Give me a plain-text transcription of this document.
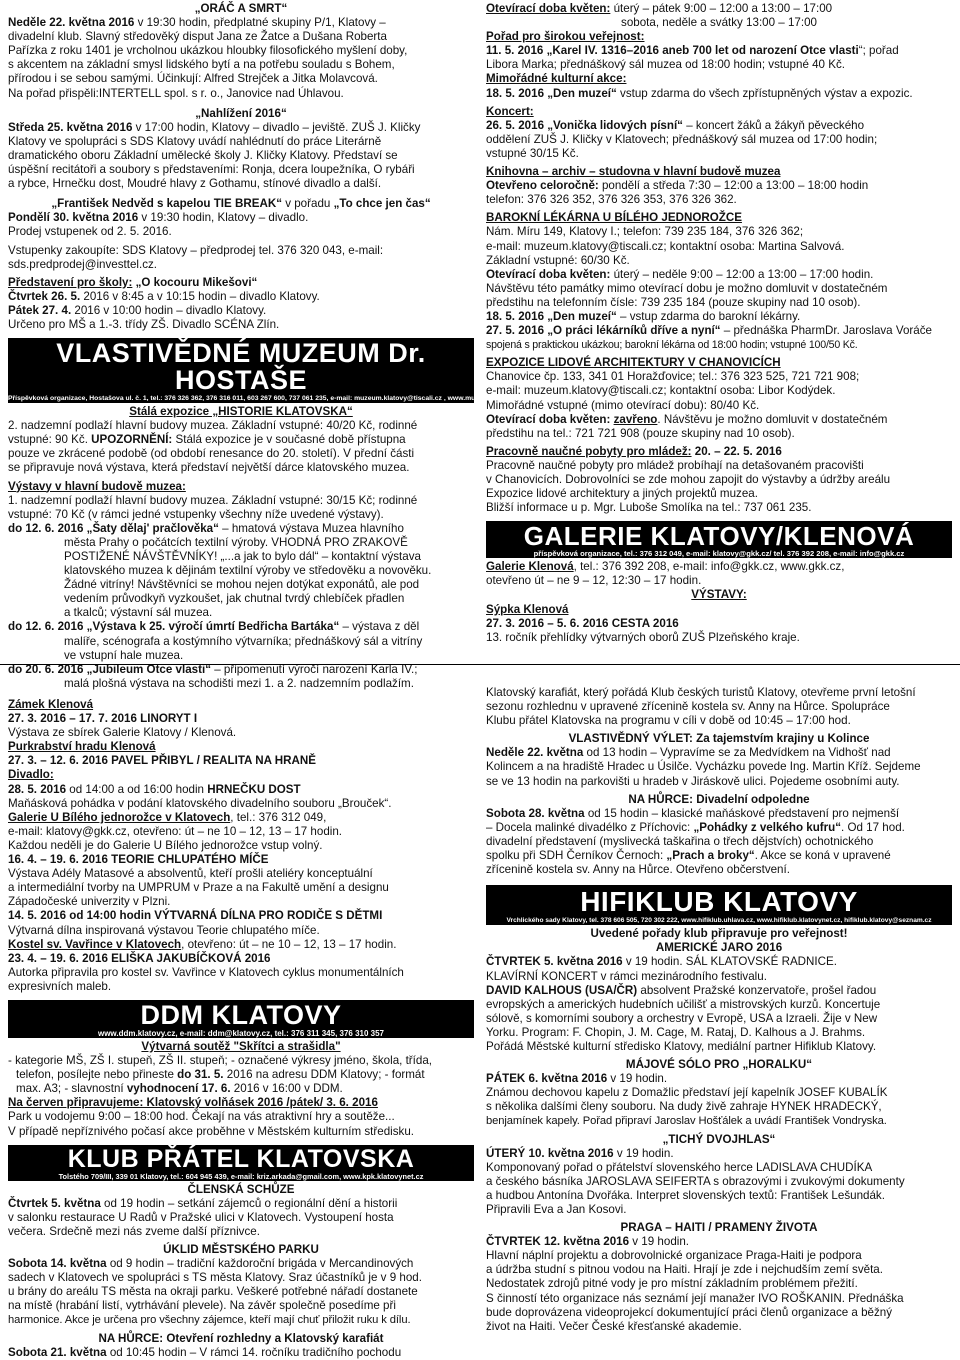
„ORÁČ A SMRT“

Neděle 22. května 2016 v 19:30 hodin, předplatné skupiny P/1, Klatovy –

divadelní klub. Slavný středověký disput Jana ze Žatce a Dušana Roberta

Pařízka z roku 1401 je vrcholnou ukázkou hloubky filosofického myšlení doby,

s akcentem na základní smysl lidského bytí a na potřebu souladu s Bohem,

přírodou i se sebou samými. Účinkují: Alfred Strejček a Jitka Molavcová.

Na pořad přispěli:INTERTELL spol. s r. o., Janovice nad Úhlavou.

„Nahlížení 2016“

Středa 25. května 2016 v 17:00 hodin, Klatovy – divadlo – jeviště. ZUŠ J. Kličky

Klatovy ve spolupráci s SDS Klatovy uvádí nahlédnutí do práce Literárně

dramatického oboru Základní umělecké školy J. Kličky Klatovy. Představí se

úspěšní recitátoři a soubory s představeními: Ronja, dcera loupežníka, O rybáři

a rybce, Hrnečku dost, Moudré hlavy z Gothamu, stínové divadlo a další.

„František Nedvěd s kapelou TIE BREAK“ v pořadu „To chce jen čas“

Pondělí 30. května 2016 v 19:30 hodin, Klatovy – divadlo.

Prodej vstupenek od 2. 5. 2016.

Vstupenky zakoupíte: SDS Klatovy – předprodej tel. 376 320 043, e-mail:

sds.predprodej@investtel.cz.

Představení pro školy: „O kocouru Mikešovi“

Čtvrtek 26. 5. 2016 v 8:45 a v 10:15 hodin – divadlo Klatovy.

Pátek 27. 4. 2016 v 10:00 hodin – divadlo Klatovy.

Určeno pro MŠ a 1.-3. třídy ZŠ. Divadlo SCÉNA Zlín.

VLASTIVĚDNÉ MUZEUM Dr. HOSTAŠE
Příspěvková organizace, Hostašova ul. č. 1, tel.: 376 326 362, 376 316 011, 603 267 600, 737 061 235, e-mail: muzeum.klatovy@tiscali.cz , www.muzeum.klatovynet.cz

Stálá expozice „HISTORIE KLATOVSKA“

2. nadzemní podlaží hlavní budovy muzea. Základní vstupné: 40/20 Kč, rodinné

vstupné: 90 Kč. UPOZORNĚNÍ: Stálá expozice je v současné době přístupna

pouze ve zkrácené podobě (od období renesance do 20. století). V přední části

se připravuje nová výstava, která představí největší dárce klatovského muzea.

Výstavy v hlavní budově muzea:

1. nadzemní podlaží hlavní budovy muzea. Základní vstupné: 30/15 Kč; rodinné

vstupné: 70 Kč (v rámci jedné vstupenky všechny níže uvedené výstavy).

do 12. 6. 2016 „Šaty dělaj' pračlověka“ – hmatová výstava Muzea hlavního

města Prahy o počátcích textilní výroby. VHODNÁ PRO ZRAKOVĚ

POSTIŽENÉ NÁVŠTĚVNÍKY! „...a jak to bylo dál“ – kontaktní výstava

klatovského muzea k dějinám textilní výroby ve středověku a novověku.

Žádné vitríny! Návštěvníci se mohou nejen dotýkat exponátů, ale pod

vedením průvodkyň vyzkoušet, jak chutnal tvrdý chlebíček přadlen

a tkalců; výstavní sál muzea.

do 12. 6. 2016 „Výstava k 25. výročí úmrtí Bedřicha Bartáka“ – výstava z děl

malíře, scénografa a kostýmního výtvarníka; přednáškový sál a vitríny

ve vstupní hale muzea.

do 20. 6. 2016 „Jubileum Otce vlasti“ – připomenutí výročí narození Karla IV.;

malá plošná výstava na schodišti mezi 1. a 2. nadzemním podlažím.

Otevírací doba květen: úterý – pátek 9:00 – 12:00 a 13:00 – 17:00

sobota, neděle a svátky 13:00 – 17:00

Pořad pro širokou veřejnost:

11. 5. 2016 „Karel IV. 1316–2016 aneb 700 let od narození Otce vlasti“; pořad

Libora Marka; přednáškový sál muzea od 18:00 hodin; vstupné 40 Kč.

Mimořádné kulturní akce:

18. 5. 2016 „Den muzeí“ vstup zdarma do všech zpřístupněných výstav a expozic.

Koncert:

26. 5. 2016 „Vonička lidových písní“ – koncert žáků a žákyň pěveckého

oddělení ZUŠ J. Kličky v Klatovech; přednáškový sál muzea od 17:00 hodin;

vstupné 30/15 Kč.

Knihovna – archiv – studovna v hlavní budově muzea

Otevřeno celoročně: pondělí a středa 7:30 – 12:00 a 13:00 – 18:00 hodin

telefon: 376 326 352, 376 326 353, 376 326 362.

BAROKNÍ LÉKÁRNA U BÍLÉHO JEDNOROŽCE

Nám. Míru 149, Klatovy I.; telefon: 739 235 184, 376 326 362;

e-mail: muzeum.klatovy@tiscali.cz; kontaktní osoba: Martina Salvová.

Základní vstupné: 60/30 Kč.

Otevírací doba květen: úterý – neděle 9:00 – 12:00 a 13:00 – 17:00 hodin.

Návštěvu této památky mimo otevírací dobu je možno domluvit v dostatečném

předstihu na telefonním čísle: 739 235 184 (pouze skupiny nad 10 osob).

18. 5. 2016 „Den muzeí“ – vstup zdarma do barokní lékárny.

27. 5. 2016 „O práci lékárníků dříve a nyní“ – přednáška PharmDr. Jaroslava Voráče

spojená s praktickou ukázkou; barokní lékárna od 18:00 hodin; vstupné 100/50 Kč.

EXPOZICE LIDOVÉ ARCHITEKTURY V CHANOVICÍCH

Chanovice čp. 133, 341 01 Horažďovice; tel.: 376 323 525, 721 721 908;

e-mail: muzeum.klatovy@tiscali.cz; kontaktní osoba: Libor Kodýdek.

Mimořádné vstupné (mimo otevírací dobu): 80/40 Kč.

Otevírací doba květen: zavřeno. Návštěvu je možno domluvit v dostatečném

předstihu na tel.: 721 721 908 (pouze skupiny nad 10 osob).

Pracovně naučné pobyty pro mládež: 20. – 22. 5. 2016

Pracovně naučné pobyty pro mládež probíhají na detašovaném pracovišti

v Chanovicích. Dobrovolníci se zde mohou zapojit do výstavby a údržby areálu

Expozice lidové architektury a jiných projektů muzea.

Bližší informace u p. Mgr. Luboše Smolíka na tel.: 737 061 235.

GALERIE KLATOVY/KLENOVÁ
příspěvková organizace, tel.: 376 312 049, e-mail: klatovy@gkk.cz/ tel. 376 392 208, e-mail: info@gkk.cz

Galerie Klenová, tel.: 376 392 208, e-mail: info@gkk.cz, www.gkk.cz,

otevřeno út – ne 9 – 12, 12:30 – 17 hodin.

VÝSTAVY:

Sýpka Klenová

27. 3. 2016 – 5. 6. 2016 CESTA 2016

13. ročník přehlídky výtvarných oborů ZUŠ Plzeňského kraje.

Zámek Klenová

27. 3. 2016 – 17. 7. 2016 LINORYT I

Výstava ze sbírek Galerie Klatovy / Klenová.

Purkrabství hradu Klenová

27. 3. – 12. 6. 2016 PAVEL PŘIBYL / REALITA NA HRANĚ

Divadlo:

28. 5. 2016 od 14:00 a od 16:00 hodin HRNEČKU DOST

Maňásková pohádka v podání klatovského divadelního souboru „Brouček“.

Galerie U Bílého jednorožce v Klatovech, tel.: 376 312 049,

e-mail: klatovy@gkk.cz, otevřeno: út – ne 10 – 12, 13 – 17 hodin.

Každou neděli je do Galerie U Bílého jednorožce vstup volný.

16. 4. – 19. 6. 2016 TEORIE CHLUPATÉHO MÍČE

Výstava Adély Matasové a absolventů, kteří prošli ateliéry konceptuální

a intermediální tvorby na UMPRUM v Praze a na Fakultě umění a designu

Západočeské univerzity v Plzni.

14. 5. 2016 od 14:00 hodin VÝTVARNÁ DÍLNA PRO RODIČE S DĚTMI

Výtvarná dílna inspirovaná výstavou Teorie chlupatého míče.

Kostel sv. Vavřince v Klatovech, otevřeno: út – ne 10 – 12, 13 – 17 hodin.

23. 4. – 19. 6. 2016 ELIŠKA JAKUBÍČKOVÁ 2016

Autorka připravila pro kostel sv. Vavřince v Klatovech cyklus monumentálních

expresivních maleb.

DDM KLATOVY
www.ddm.klatovy.cz, e-mail: ddm@klatovy.cz, tel.: 376 311 345, 376 310 357

Výtvarná soutěž "Skřítci a strašidla"

- kategorie MŠ, ZŠ I. stupeň, ZŠ II. stupeň; - označené výkresy jméno, škola, třída,

telefon, posílejte nebo přineste do 31. 5. 2016 na adresu DDM Klatovy; - formát

max. A3; - slavnostní vyhodnocení 17. 6. 2016 v 16:00 v DDM.

Na červen připravujeme: Klatovský volňásek 2016 /pátek/ 3. 6. 2016

Park u vodojemu 9:00 – 18:00 hod. Čekají na vás atraktivní hry a soutěže...

V případě nepříznivého počasí akce proběhne v Městském kulturním středisku.

KLUB PŘÁTEL KLATOVSKA
Tolstého 709/III, 339 01 Klatovy, tel.: 604 945 439, e-mail: kriz.arkada@gmail.com, www.kpk.klatovynet.cz

ČLENSKÁ SCHŮZE

Čtvrtek 5. května od 19 hodin – setkání zájemců o regionální dění a historii

v salonku restaurace U Radů v Pražské ulici v Klatovech. Vystoupení hosta

večera. Srdečně mezi nás zveme další příznivce.

ÚKLID MĚSTSKÉHO PARKU

Sobota 14. května od 9 hodin – tradiční každoroční brigáda v Mercandinových

sadech v Klatovech ve spolupráci s TS města Klatovy. Sraz účastníků je v 9 hod.

u brány do areálu TS města na okraji parku. Veškeré potřebné nářadí dostanete

na místě (hrabání listí, vytrhávání plevele). Na závěr společně posedíme při

harmonice. Akce je určena pro všechny zájemce, kteří mají chuť přiložit ruku k dílu.

NA HŮRCE: Otevření rozhledny a Klatovský karafiát

Sobota 21. května od 10:45 hodin – V rámci 14. ročníku tradičního pochodu

Klatovský karafiát, který pořádá Klub českých turistů Klatovy, otevřeme první letošní

sezonu rozhlednu v upravené zřícenině kostela sv. Anny na Hůrce. Spolupráce

Klubu přátel Klatovska na programu v cíli v době od 10:45 – 17:00 hod.

VLASTIVĚDNÝ VÝLET: Za tajemstvím krajiny u Kolince

Neděle 22. května od 13 hodin – Vypravíme se za Medvídkem na Vidhošť nad

Kolincem a na hradiště Hradec u Úsilče. Vycházku povede Ing. Martin Kříž. Sejdeme

se ve 13 hodin na parkovišti u hradeb v Jiráskově ulici. Pojedeme osobními auty.

NA HŮRCE: Divadelní odpoledne

Sobota 28. května od 15 hodin – klasické maňáskové představení pro nejmenší

– Docela malinké divadélko z Příchovic: „Pohádky z velkého kufru“. Od 17 hod.

divadelní představení (myslivecká taškařina o třech dějstvích) ochotnického

spolku při SDH Černíkov Černoch: „Prach a broky“. Akce se koná v upravené

zřícenině kostela sv. Anny na Hůrce. Otevřeno občerstvení.

HIFIKLUB KLATOVY
Vrchlického sady Klatovy, tel. 378 606 505, 720 302 222, www.hifiklub.uhlava.cz, www.hifiklub.klatovynet.cz, hifiklub.klatovy@seznam.cz

Uvedené pořady klub připravuje pro veřejnost!

AMERICKÉ JARO 2016

ČTVRTEK 5. května 2016 v 19 hodin. SÁL KLATOVSKÉ RADNICE.

KLAVÍRNÍ KONCERT v rámci mezinárodního festivalu.

DAVID KALHOUS (USA/ČR) absolvent Pražské konzervatoře, prošel řadou

evropských a amerických hudebních učilišť a mistrovských kurzů. Koncertuje

sólově, s komorními soubory a orchestry v Evropě, USA a Izraeli. Žije v New

Yorku. Program: F. Chopin, J. M. Cage, M. Rataj, D. Kalhous a J. Brahms.

Pořádá Městské kulturní středisko Klatovy, mediální partner Hifiklub Klatovy.

MÁJOVÉ SÓLO PRO „HORALKU“

PÁTEK 6. května 2016 v 19 hodin.

Známou dechovou kapelu z Domažlic představí její kapelník JOSEF KUBALÍK

s několika dalšími členy souboru. Na dudy živě zahraje HYNEK HRADECKÝ,

benjamínek kapely. Pořad připraví Jaroslav Hošťálek a uvádí František Vondryska.

„TICHÝ DVOJHLAS“

ÚTERÝ 10. května 2016 v 19 hodin.

Komponovaný pořad o přátelství slovenského herce LADISLAVA CHUDÍKA

a českého básníka JAROSLAVA SEIFERTA s obrazovými i zvukovými dokumenty

a hudbou Antonína Dvořáka. Interpret slovenských textů: František Lešundák.

Připravili Eva a Jan Kosovi.

PRAGA – HAITI / PRAMENY ŽIVOTA

ČTVRTEK 12. května 2016 v 19 hodin.

Hlavní náplní projektu a dobrovolnické organizace Praga-Haiti je podpora

a údržba studní s pitnou vodou na Haiti. Hrají je zde i nejchudším zemí světa.

Nedostatek zdrojů pitné vody je pro místní základním problémem přežití.

S činností této organizace nás seznámí její manažer IVO ROŠKANIN. Přednáška

bude doprovázena videoprojekcí dokumentující práci členů organizace a běžný

život na Haiti. Večer České křesťanské akademie.
